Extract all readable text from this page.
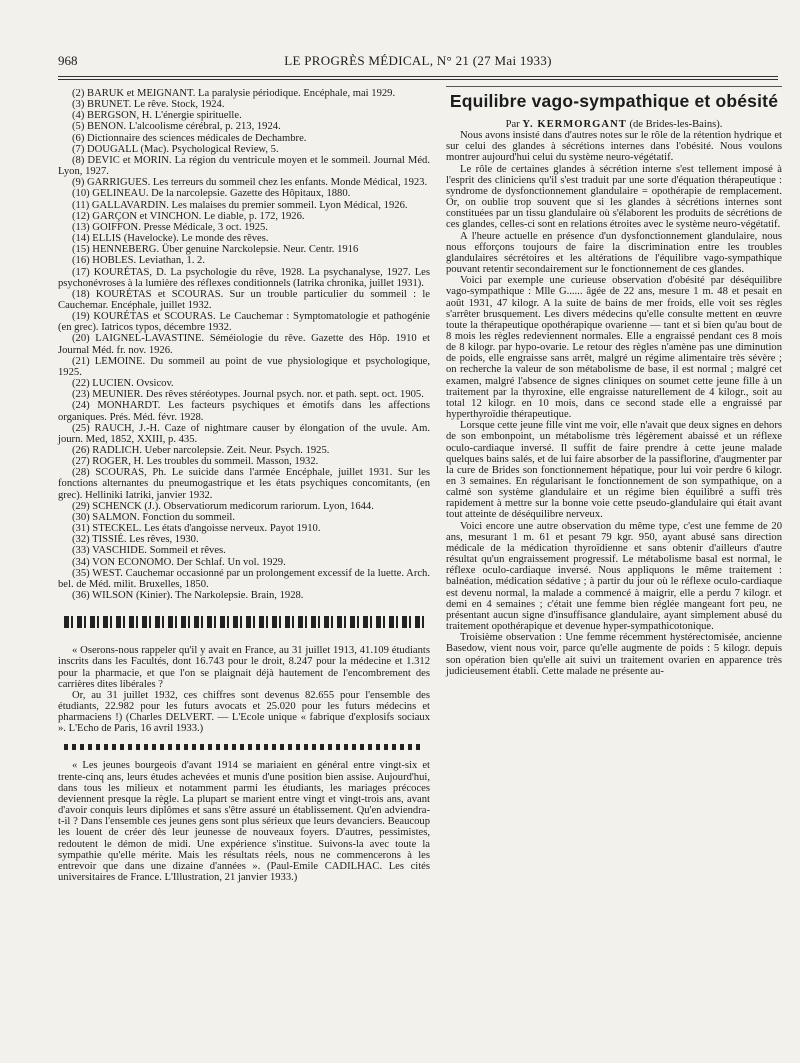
968	LE PROGRÈS MÉDICAL, N° 21 (27 Mai 1933)

(2) BARUK et MEIGNANT. La paralysie périodique. Encéphale, mai 1929.

(3) BRUNET. Le rêve. Stock, 1924.

(4) BERGSON, H. L'énergie spirituelle.

(5) BENON. L'alcoolisme cérébral, p. 213, 1924.

(6) Dictionnaire des sciences médicales de Dechambre.

(7) DOUGALL (Mac). Psychological Review, 5.

(8) DEVIC et MORIN. La région du ventricule moyen et le sommeil. Journal Méd. Lyon, 1927.

(9) GARRIGUES. Les terreurs du sommeil chez les enfants. Monde Médical, 1923.

(10) GELINEAU. De la narcolepsie. Gazette des Hôpitaux, 1880.

(11) GALLAVARDIN. Les malaises du premier sommeil. Lyon Médical, 1926.

(12) GARÇON et VINCHON. Le diable, p. 172, 1926.

(13) GOIFFON. Presse Médicale, 3 oct. 1925.

(14) ELLIS (Havelocke). Le monde des rêves.

(15) HENNEBERG. Über genuine Narckolepsie. Neur. Centr. 1916

(16) HOBLES. Leviathan, 1. 2.

(17) KOURÉTAS, D. La psychologie du rêve, 1928. La psychanalyse, 1927. Les psychonévroses à la lumière des réflexes conditionnels (Iatrika chronika, juillet 1931).

(18) KOURÉTAS et SCOURAS. Sur un trouble particulier du sommeil : le Cauchemar. Encéphale, juillet 1932.

(19) KOURÉTAS et SCOURAS. Le Cauchemar : Symptomatologie et pathogénie (en grec). Iatricos typos, décembre 1932.

(20) LAIGNEL-LAVASTINE. Séméiologie du rêve. Gazette des Hôp. 1910 et Journal Méd. fr. nov. 1926.

(21) LEMOINE. Du sommeil au point de vue physiologique et psychologique, 1925.

(22) LUCIEN. Ovsicov.

(23) MEUNIER. Des rêves stéréotypes. Journal psych. nor. et path. sept. oct. 1905.

(24) MONHARDT. Les facteurs psychiques et émotifs dans les affections organiques. Prés. Méd. févr. 1928.

(25) RAUCH, J.-H. Caze of nightmare causer by élongation of the uvule. Am. journ. Med, 1852, XXIII, p. 435.

(26) RADLICH. Ueber narcolepsie. Zeit. Neur. Psych. 1925.

(27) ROGER, H. Les troubles du sommeil. Masson, 1932.

(28) SCOURAS, Ph. Le suicide dans l'armée Encéphale, juillet 1931. Sur les fonctions alternantes du pneumogastrique et les états psychiques concomitants, (en grec). Helliniki Iatriki, janvier 1932.

(29) SCHENCK (J.). Observatiorum medicorum rariorum. Lyon, 1644.

(30) SALMON. Fonction du sommeil.

(31) STECKEL. Les états d'angoisse nerveux. Payot 1910.

(32) TISSIÉ. Les rêves, 1930.

(33) VASCHIDE. Sommeil et rêves.

(34) VON ECONOMO. Der Schlaf. Un vol. 1929.

(35) WEST. Cauchemar occasionné par un prolongement excessif de la luette. Arch. bel. de Méd. milit. Bruxelles, 1850.

(36) WILSON (Kinier). The Narkolepsie. Brain, 1928.

« Oserons-nous rappeler qu'il y avait en France, au 31 juillet 1913, 41.109 étudiants inscrits dans les Facultés, dont 16.743 pour le droit, 8.247 pour la médecine et 1.312 pour la pharmacie, et que l'on se plaignait déjà hautement de l'encombrement des carrières dites libérales ?

Or, au 31 juillet 1932, ces chiffres sont devenus 82.655 pour l'ensemble des étudiants, 22.982 pour les futurs avocats et 25.020 pour les futurs médecins et pharmaciens !) (Charles DELVERT. — L'Ecole unique « fabrique d'explosifs sociaux ». L'Echo de Paris, 16 avril 1933.)

« Les jeunes bourgeois d'avant 1914 se mariaient en général entre vingt-six et trente-cinq ans, leurs études achevées et munis d'une position bien assise. Aujourd'hui, dans tous les milieux et notamment parmi les étudiants, les mariages précoces deviennent presque la règle. La plupart se marient entre vingt et vingt-trois ans, avant d'avoir conquis leurs diplômes et sans s'être assuré un établissement. Qu'en adviendra-t-il ? Dans l'ensemble ces jeunes gens sont plus sérieux que leurs devanciers. Beaucoup les louent de créer dès leur jeunesse de nouveaux foyers. D'autres, pessimistes, redoutent le démon de midi. Une expérience s'institue. Suivons-la avec toute la sympathie qu'elle mérite. Mais les résultats réels, nous ne commencerons à les entrevoir que dans une dizaine d'années ». (Paul-Emile CADILHAC. Les cités universitaires de France. L'Illustration, 21 janvier 1933.)

Equilibre vago-sympathique et obésité

Par Y. KERMORGANT (de Brides-les-Bains).

Nous avons insisté dans d'autres notes sur le rôle de la rétention hydrique et sur celui des glandes à sécrétions internes dans l'obésité. Nous voulons montrer aujourd'hui celui du système neuro-végétatif.

Le rôle de certaines glandes à sécrétion interne s'est tellement imposé à l'esprit des cliniciens qu'il s'est traduit par une sorte d'équation thérapeutique : syndrome de dysfonctionnement glandulaire = opothérapie de remplacement. Or, on oublie trop souvent que si les glandes à sécrétions internes sont constituées par un tissu glandulaire où s'élaborent les produits de sécrétions de ces glandes, celles-ci sont en relations étroites avec le système neuro-végétatif.

A l'heure actuelle en présence d'un dysfonctionnement glandulaire, nous nous efforçons toujours de faire la discrimination entre les troubles glandulaires sécrétoires et les altérations de l'équilibre vago-sympathique pouvant retentir secondairement sur le fonctionnement de ces glandes.

Voici par exemple une curieuse observation d'obésité par déséquilibre vago-sympathique : Mlle G...... âgée de 22 ans, mesure 1 m. 48 et pesait en août 1931, 47 kilogr. A la suite de bains de mer froids, elle voit ses règles s'arrêter brusquement. Les divers médecins qu'elle consulte mettent en œuvre toute la thérapeutique opothérapique ovarienne — tant et si bien qu'au bout de 8 mois les règles redeviennent normales. Elle a engraissé pendant ces 8 mois de 8 kilogr. par hypo-ovarie. Le retour des règles n'amène pas une diminution de poids, elle engraisse sans arrêt, malgré un régime alimentaire très sévère ; on recherche la valeur de son métabolisme de base, il est normal ; malgré cet examen, malgré l'absence de signes cliniques on soumet cette jeune fille à un traitement par la thyroxine, elle engraisse naturellement de 4 kilogr., soit au total 12 kilogr. en 10 mois, dans ce second stade elle a engraissé par hyperthyroïdie thérapeutique.

Lorsque cette jeune fille vint me voir, elle n'avait que deux signes en dehors de son embonpoint, un métabolisme très légèrement abaissé et un réflexe oculo-cardiaque inversé. Il suffit de faire prendre à cette jeune malade quelques bains salés, et de lui faire absorber de la passiflorine, d'augmenter par la cure de Brides son fonctionnement hépatique, pour lui voir perdre 6 kilogr. en 3 semaines. En régularisant le fonctionnement de son sympathique, on a calmé son système glandulaire et un régime bien équilibré a suffi très rapidement à mettre sur la bonne voie cette pseudo-glandulaire qui était avant tout atteinte de déséquilibre nerveux.

Voici encore une autre observation du même type, c'est une femme de 20 ans, mesurant 1 m. 61 et pesant 79 kgr. 950, ayant abusé sans direction médicale de la médication thyroïdienne et sans obtenir d'ailleurs d'autre résultat qu'un engraissement progressif. Le métabolisme basal est normal, le réflexe oculo-cardiaque inversé. Nous appliquons le même traitement : balnéation, médication sédative ; à partir du jour où le réflexe oculo-cardiaque est devenu normal, la malade a commencé à maigrir, elle a perdu 7 kilogr. et demi en 4 semaines ; c'était une femme bien réglée mangeant fort peu, ne présentant aucun signe d'insuffisance glandulaire, ayant simplement abusé du traitement opothérapique et devenue hyper-sympathicotonique.

Troisième observation : Une femme récemment hystérectomisée, ancienne Basedow, vient nous voir, parce qu'elle augmente de poids : 5 kilogr. depuis son opération bien qu'elle ait suivi un traitement ovarien en apparence très judicieusement établi. Cette malade ne présente au-
